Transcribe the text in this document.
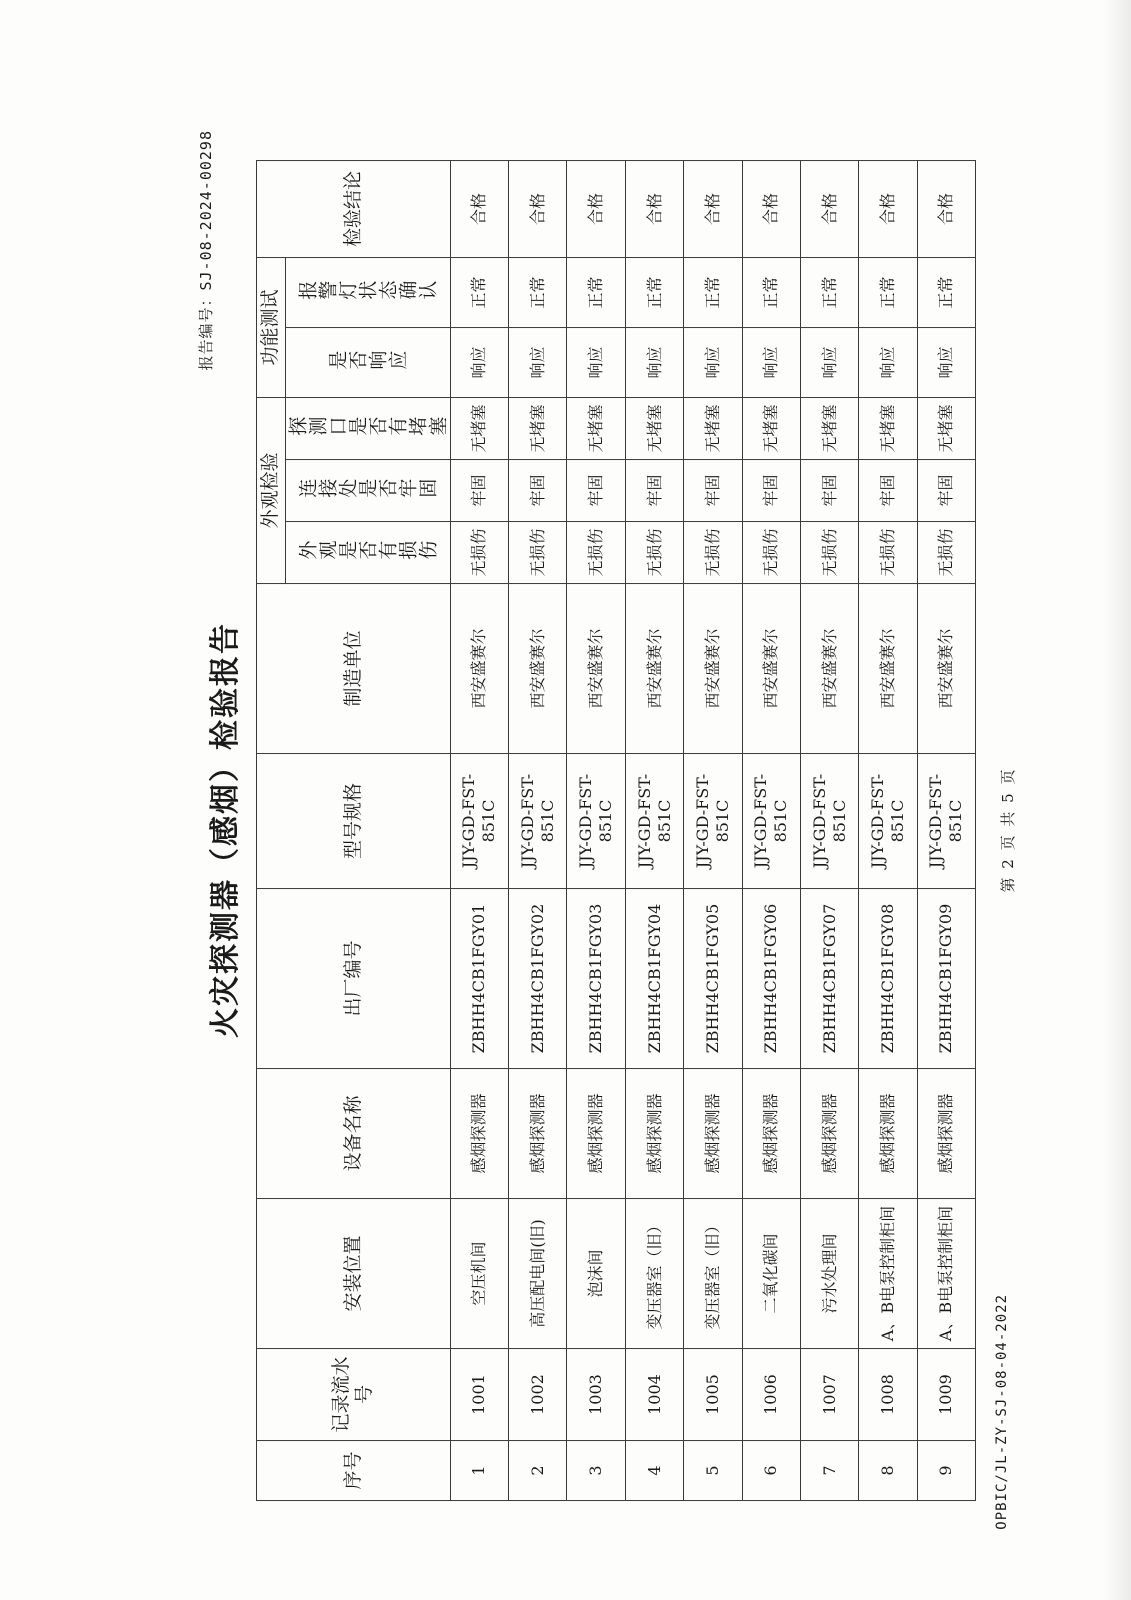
火灾探测器（感烟）检验报告
报告编号：SJ-08-2024-00298
OPBIC/JL-ZY-SJ-08-04-2022
第 2 页 共 5 页
序号	记录流水号	安装位置	设备名称	出厂编号	型号规格	制造单位	外观检验			功能测试		检验结论
							外观是否有损伤	连接处是否牢固	探测口是否有堵塞	是否响应	报警灯状态确认	
1	1001	空压机间	感烟探测器	ZBHH4CB1FGY01	JJY-GD-FST-851C	西安盛赛尔	无损伤	牢固	无堵塞	响应	正常	合格
2	1002	高压配电间(旧)	感烟探测器	ZBHH4CB1FGY02	JJY-GD-FST-851C	西安盛赛尔	无损伤	牢固	无堵塞	响应	正常	合格
3	1003	泡沫间	感烟探测器	ZBHH4CB1FGY03	JJY-GD-FST-851C	西安盛赛尔	无损伤	牢固	无堵塞	响应	正常	合格
4	1004	变压器室（旧）	感烟探测器	ZBHH4CB1FGY04	JJY-GD-FST-851C	西安盛赛尔	无损伤	牢固	无堵塞	响应	正常	合格
5	1005	变压器室（旧）	感烟探测器	ZBHH4CB1FGY05	JJY-GD-FST-851C	西安盛赛尔	无损伤	牢固	无堵塞	响应	正常	合格
6	1006	二氧化碳间	感烟探测器	ZBHH4CB1FGY06	JJY-GD-FST-851C	西安盛赛尔	无损伤	牢固	无堵塞	响应	正常	合格
7	1007	污水处理间	感烟探测器	ZBHH4CB1FGY07	JJY-GD-FST-851C	西安盛赛尔	无损伤	牢固	无堵塞	响应	正常	合格
8	1008	A、B电泵控制柜间	感烟探测器	ZBHH4CB1FGY08	JJY-GD-FST-851C	西安盛赛尔	无损伤	牢固	无堵塞	响应	正常	合格
9	1009	A、B电泵控制柜间	感烟探测器	ZBHH4CB1FGY09	JJY-GD-FST-851C	西安盛赛尔	无损伤	牢固	无堵塞	响应	正常	合格
